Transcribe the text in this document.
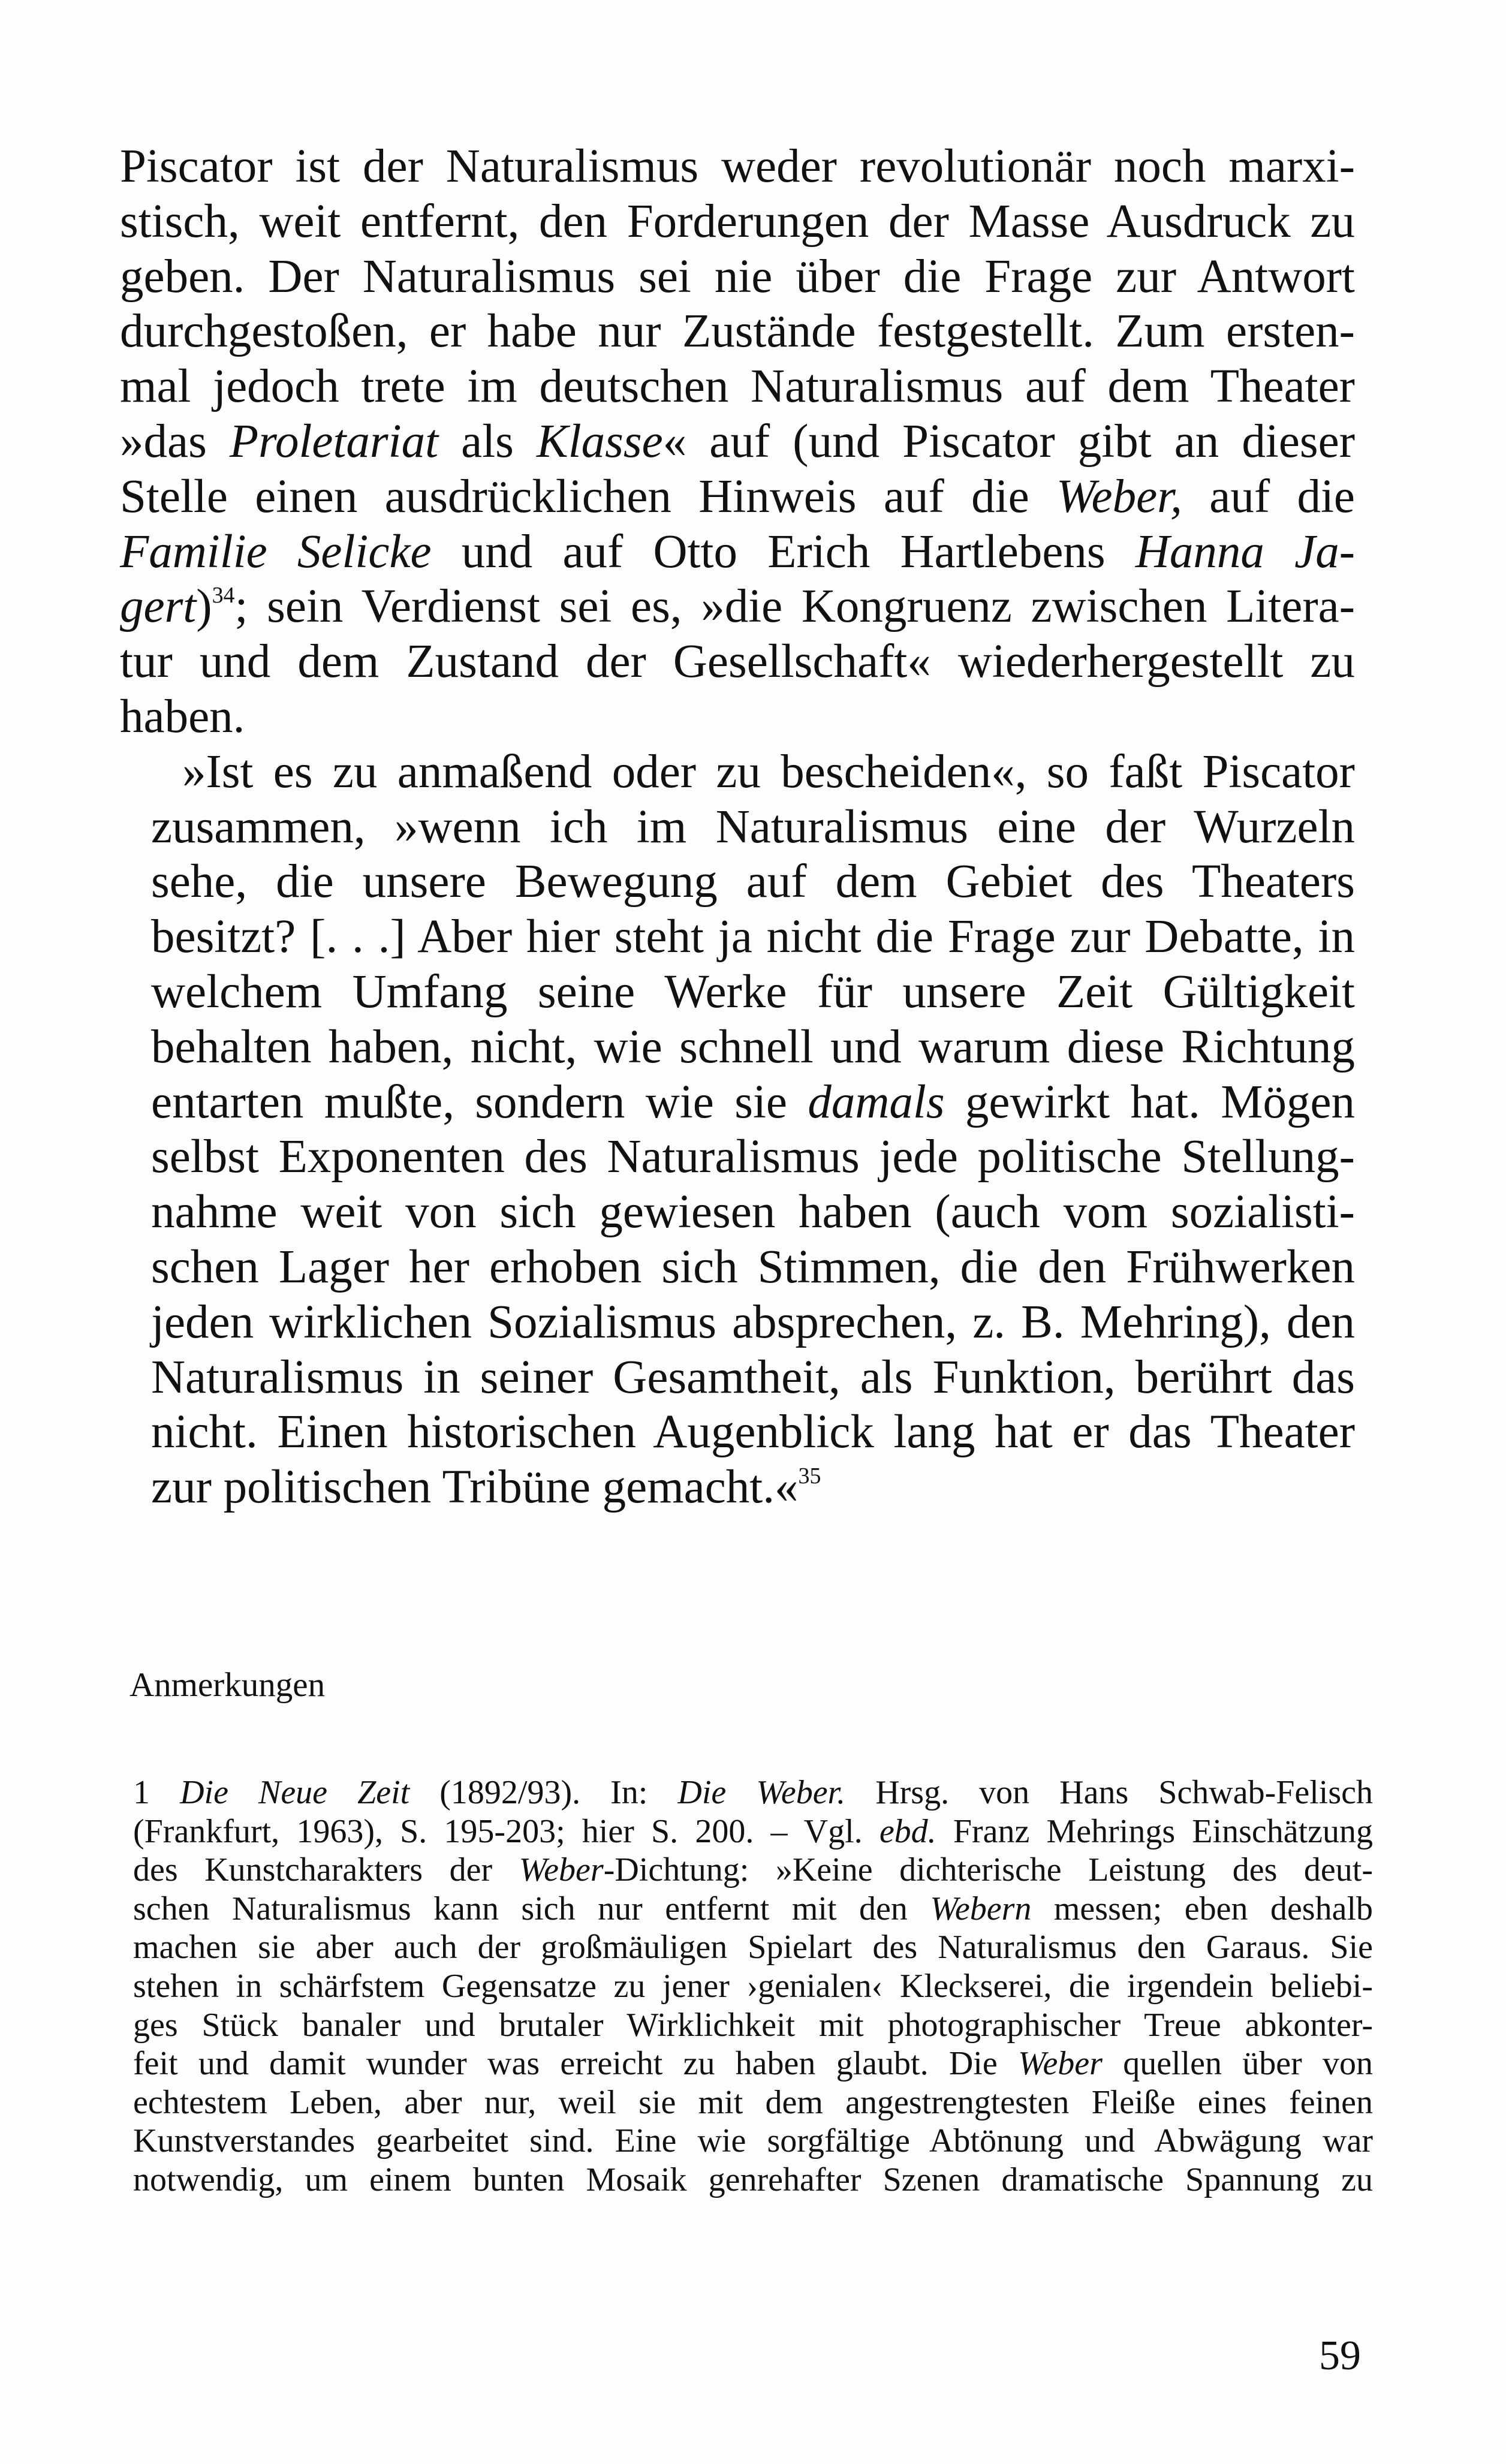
Piscator ist der Naturalismus weder revolutionär noch marxi-
stisch, weit entfernt, den Forderungen der Masse Ausdruck zu
geben. Der Naturalismus sei nie über die Frage zur Antwort
durchgestoßen, er habe nur Zustände festgestellt. Zum ersten-
mal jedoch trete im deutschen Naturalismus auf dem Theater
»das Proletariat als Klasse« auf (und Piscator gibt an dieser
Stelle einen ausdrücklichen Hinweis auf die Weber, auf die
Familie Selicke und auf Otto Erich Hartlebens Hanna Ja-
gert)$^{34}$; sein Verdienst sei es, »die Kongruenz zwischen Litera-
tur und dem Zustand der Gesellschaft« wiederhergestellt zu
haben.

»Ist es zu anmaßend oder zu bescheiden«, so faßt Piscator
zusammen, »wenn ich im Naturalismus eine der Wurzeln
sehe, die unsere Bewegung auf dem Gebiet des Theaters
besitzt? [. . .] Aber hier steht ja nicht die Frage zur Debatte, in
welchem Umfang seine Werke für unsere Zeit Gültigkeit
behalten haben, nicht, wie schnell und warum diese Richtung
entarten mußte, sondern wie sie damals gewirkt hat. Mögen
selbst Exponenten des Naturalismus jede politische Stellung-
nahme weit von sich gewiesen haben (auch vom sozialisti-
schen Lager her erhoben sich Stimmen, die den Frühwerken
jeden wirklichen Sozialismus absprechen, z. B. Mehring), den
Naturalismus in seiner Gesamtheit, als Funktion, berührt das
nicht. Einen historischen Augenblick lang hat er das Theater
zur politischen Tribüne gemacht.«$^{35}$

Anmerkungen
1 Die Neue Zeit (1892/93). In: Die Weber. Hrsg. von Hans Schwab-Felisch
(Frankfurt, 1963), S. 195-203; hier S. 200. – Vgl. ebd. Franz Mehrings Einschätzung
des Kunstcharakters der Weber-Dichtung: »Keine dichterische Leistung des deut-
schen Naturalismus kann sich nur entfernt mit den Webern messen; eben deshalb
machen sie aber auch der großmäuligen Spielart des Naturalismus den Garaus. Sie
stehen in schärfstem Gegensatze zu jener ›genialen‹ Kleckserei, die irgendein beliebi-
ges Stück banaler und brutaler Wirklichkeit mit photographischer Treue abkonter-
feit und damit wunder was erreicht zu haben glaubt. Die Weber quellen über von
echtestem Leben, aber nur, weil sie mit dem angestrengtesten Fleiße eines feinen
Kunstverstandes gearbeitet sind. Eine wie sorgfältige Abtönung und Abwägung war
notwendig, um einem bunten Mosaik genrehafter Szenen dramatische Spannung zu
59
